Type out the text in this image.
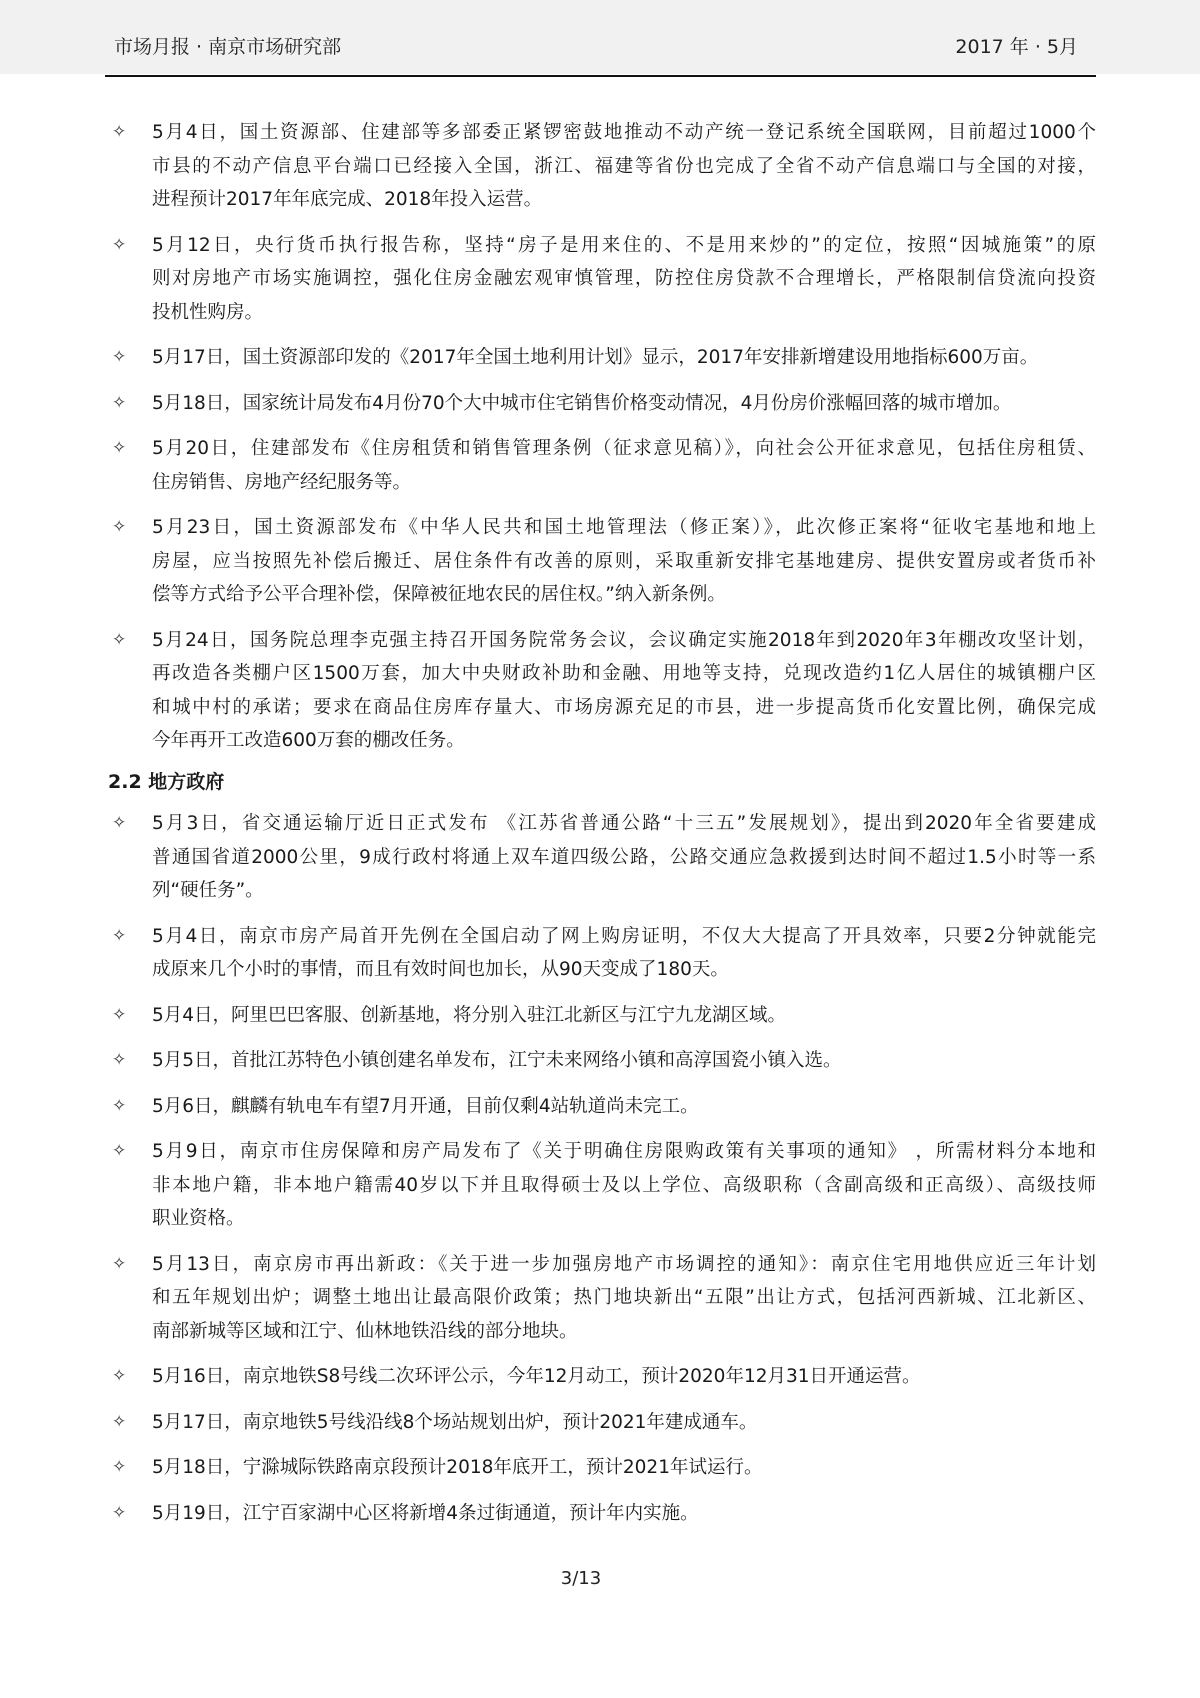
市场月报 · 南京市场研究部	2017 年 · 5月
✧ 5月4日，国土资源部、住建部等多部委正紧锣密鼓地推动不动产统一登记系统全国联网，目前超过1000个
市县的不动产信息平台端口已经接入全国，浙江、福建等省份也完成了全省不动产信息端口与全国的对接，
进程预计2017年年底完成、2018年投入运营。
✧ 5月12日，央行货币执行报告称，坚持“房子是用来住的、不是用来炒的”的定位，按照“因城施策”的原
则对房地产市场实施调控，强化住房金融宏观审慎管理，防控住房贷款不合理增长，严格限制信贷流向投资
投机性购房。
✧ 5月17日，国土资源部印发的《2017年全国土地利用计划》显示，2017年安排新增建设用地指标600万亩。
✧ 5月18日，国家统计局发布4月份70个大中城市住宅销售价格变动情况，4月份房价涨幅回落的城市增加。
✧ 5月20日，住建部发布《住房租赁和销售管理条例（征求意见稿）》，向社会公开征求意见，包括住房租赁、
住房销售、房地产经纪服务等。
✧ 5月23日，国土资源部发布《中华人民共和国土地管理法（修正案）》，此次修正案将“征收宅基地和地上
房屋，应当按照先补偿后搬迁、居住条件有改善的原则，采取重新安排宅基地建房、提供安置房或者货币补
偿等方式给予公平合理补偿，保障被征地农民的居住权。”纳入新条例。
✧ 5月24日，国务院总理李克强主持召开国务院常务会议，会议确定实施2018年到2020年3年棚改攻坚计划，
再改造各类棚户区1500万套，加大中央财政补助和金融、用地等支持，兑现改造约1亿人居住的城镇棚户区
和城中村的承诺；要求在商品住房库存量大、市场房源充足的市县，进一步提高货币化安置比例，确保完成
今年再开工改造600万套的棚改任务。
2.2 地方政府
✧ 5月3日，省交通运输厅近日正式发布 《江苏省普通公路“十三五”发展规划》，提出到2020年全省要建成
普通国省道2000公里，9成行政村将通上双车道四级公路，公路交通应急救援到达时间不超过1.5小时等一系
列“硬任务”。
✧ 5月4日，南京市房产局首开先例在全国启动了网上购房证明，不仅大大提高了开具效率，只要2分钟就能完
成原来几个小时的事情，而且有效时间也加长，从90天变成了180天。
✧ 5月4日，阿里巴巴客服、创新基地，将分别入驻江北新区与江宁九龙湖区域。
✧ 5月5日，首批江苏特色小镇创建名单发布，江宁未来网络小镇和高淳国瓷小镇入选。
✧ 5月6日，麒麟有轨电车有望7月开通，目前仅剩4站轨道尚未完工。
✧ 5月9日，南京市住房保障和房产局发布了《关于明确住房限购政策有关事项的通知》 ，所需材料分本地和
非本地户籍，非本地户籍需40岁以下并且取得硕士及以上学位、高级职称（含副高级和正高级）、高级技师
职业资格。
✧ 5月13日，南京房市再出新政：《关于进一步加强房地产市场调控的通知》：南京住宅用地供应近三年计划
和五年规划出炉；调整土地出让最高限价政策；热门地块新出“五限”出让方式，包括河西新城、江北新区、
南部新城等区域和江宁、仙林地铁沿线的部分地块。
✧ 5月16日，南京地铁S8号线二次环评公示，今年12月动工，预计2020年12月31日开通运营。
✧ 5月17日，南京地铁5号线沿线8个场站规划出炉，预计2021年建成通车。
✧ 5月18日，宁滁城际铁路南京段预计2018年底开工，预计2021年试运行。
✧ 5月19日，江宁百家湖中心区将新增4条过街通道，预计年内实施。
3/13
